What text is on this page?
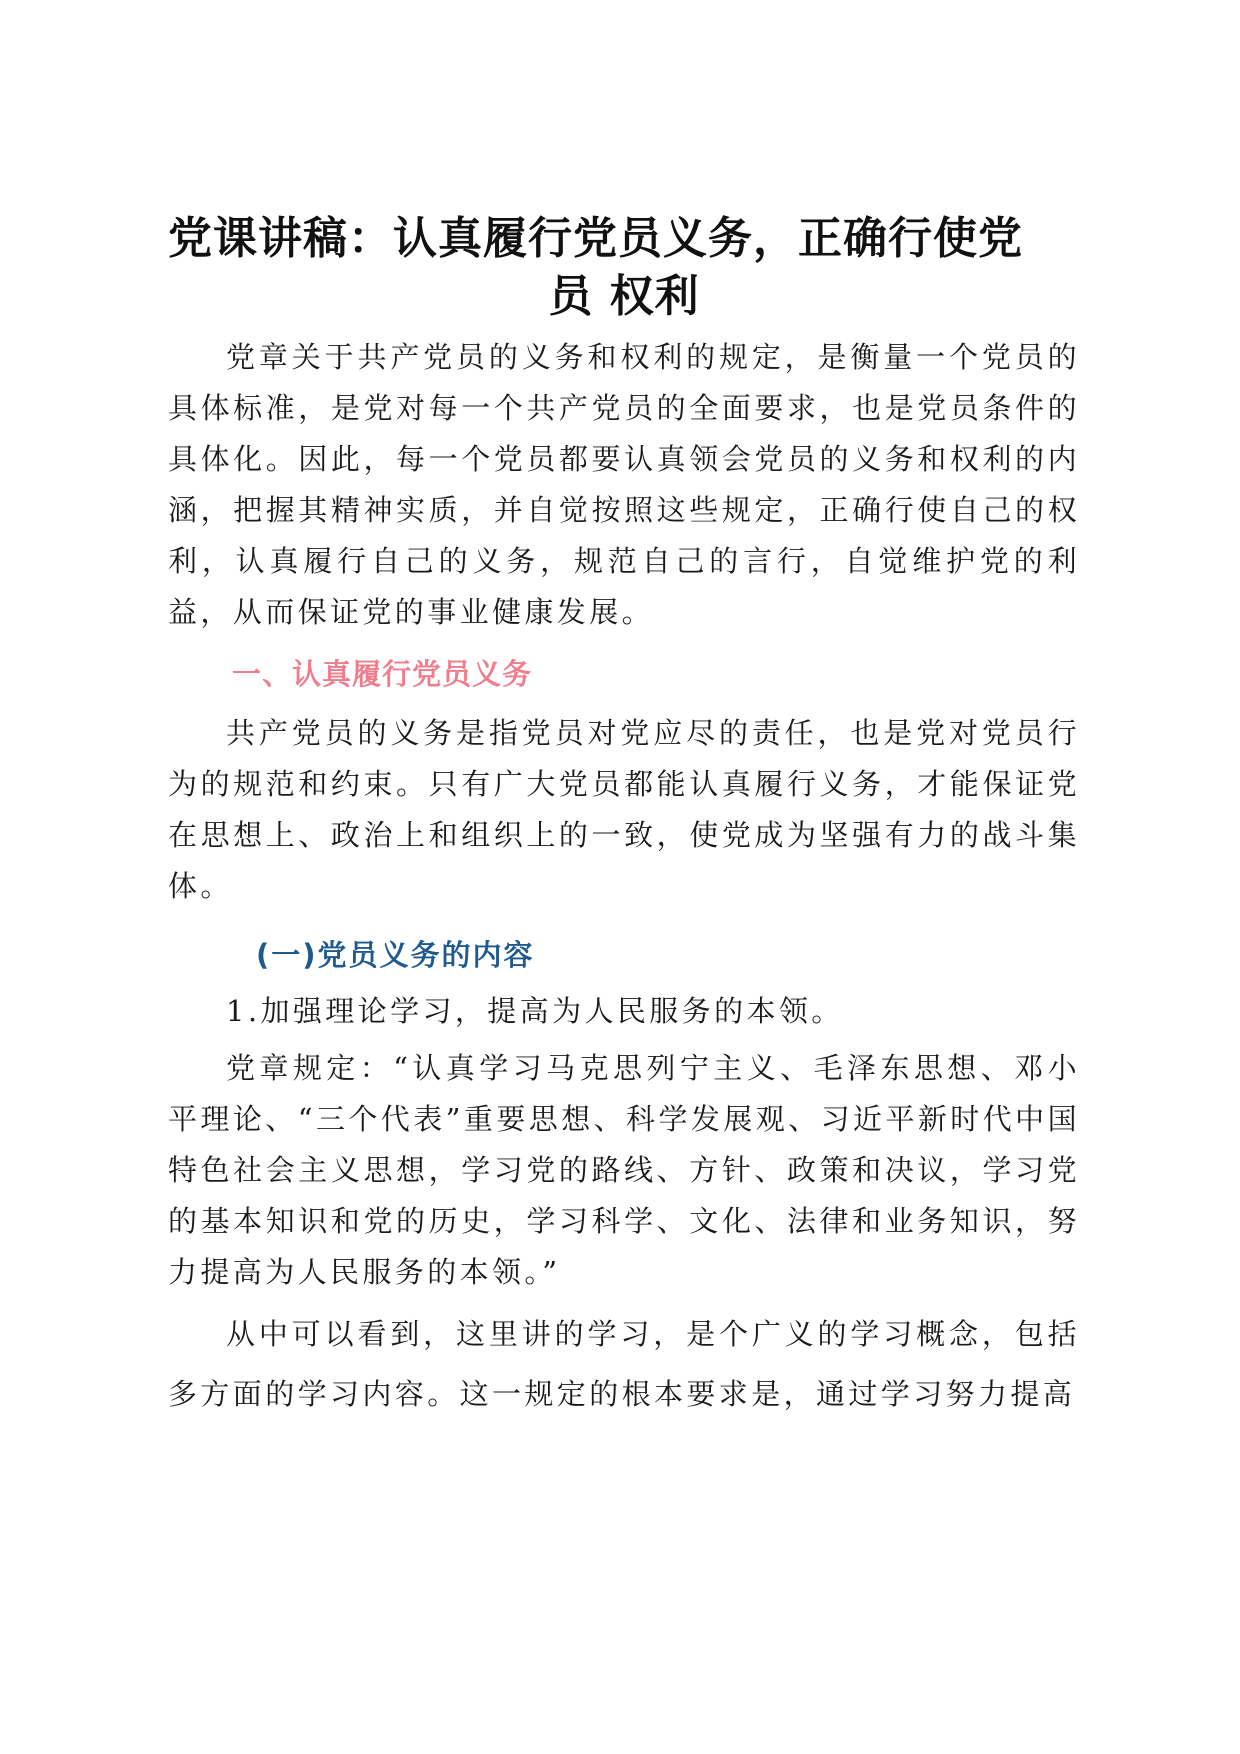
党课讲稿：认真履行党员义务，正确行使党
员 权利

党章关于共产党员的义务和权利的规定，是衡量一个党员的具体标准，是党对每一个共产党员的全面要求，也是党员条件的具体化。因此，每一个党员都要认真领会党员的义务和权利的内涵，把握其精神实质，并自觉按照这些规定，正确行使自己的权利，认真履行自己的义务，规范自己的言行，自觉维护党的利益，从而保证党的事业健康发展。

一、认真履行党员义务

共产党员的义务是指党员对党应尽的责任，也是党对党员行为的规范和约束。只有广大党员都能认真履行义务，才能保证党在思想上、政治上和组织上的一致，使党成为坚强有力的战斗集体。

(一)党员义务的内容

1.加强理论学习，提高为人民服务的本领。

党章规定：“认真学习马克思列宁主义、毛泽东思想、邓小平理论、“三个代表”重要思想、科学发展观、习近平新时代中国特色社会主义思想，学习党的路线、方针、政策和决议，学习党的基本知识和党的历史，学习科学、文化、法律和业务知识，努力提高为人民服务的本领。”

从中可以看到，这里讲的学习，是个广义的学习概念，包括多方面的学习内容。这一规定的根本要求是，通过学习努力提高
